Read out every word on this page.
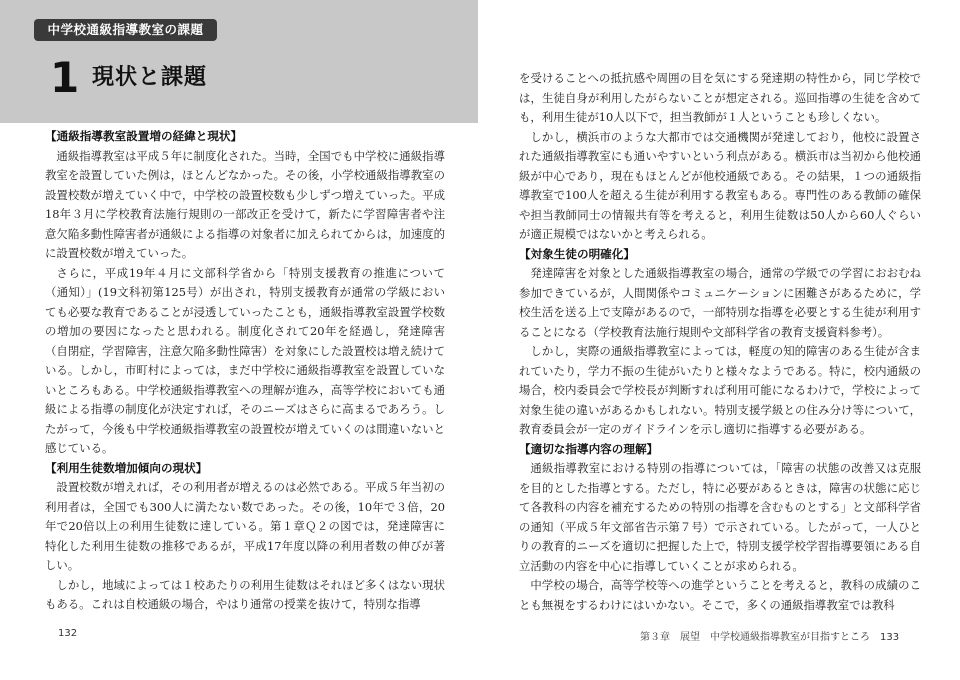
中学校通級指導教室の課題
1 現状と課題
【通級指導教室設置増の経緯と現状】

通級指導教室は平成５年に制度化された。当時，全国でも中学校に通級指導教室を設置していた例は，ほとんどなかった。その後，小学校通級指導教室の設置校数が増えていく中で，中学校の設置校数も少しずつ増えていった。平成18年３月に学校教育法施行規則の一部改正を受けて，新たに学習障害者や注意欠陥多動性障害者が通級による指導の対象者に加えられてからは，加速度的に設置校数が増えていった。

さらに，平成19年４月に文部科学省から「特別支援教育の推進について（通知）」(19文科初第125号）が出され，特別支援教育が通常の学級においても必要な教育であることが浸透していったことも，通級指導教室設置学校数の増加の要因になったと思われる。制度化されて20年を経過し，発達障害（自閉症，学習障害，注意欠陥多動性障害）を対象にした設置校は増え続けている。しかし，市町村によっては，まだ中学校に通級指導教室を設置していないところもある。中学校通級指導教室への理解が進み，高等学校においても通級による指導の制度化が決定すれば，そのニーズはさらに高まるであろう。したがって，今後も中学校通級指導教室の設置校が増えていくのは間違いないと感じている。

【利用生徒数増加傾向の現状】

設置校数が増えれば，その利用者が増えるのは必然である。平成５年当初の利用者は，全国でも300人に満たない数であった。その後，10年で３倍，20年で20倍以上の利用生徒数に達している。第１章Ｑ２の図では，発達障害に特化した利用生徒数の推移であるが，平成17年度以降の利用者数の伸びが著しい。

しかし，地域によっては１校あたりの利用生徒数はそれほど多くはない現状もある。これは自校通級の場合，やはり通常の授業を抜けて，特別な指導

を受けることへの抵抗感や周囲の目を気にする発達期の特性から，同じ学校では，生徒自身が利用したがらないことが想定される。巡回指導の生徒を含めても，利用生徒が10人以下で，担当教師が１人ということも珍しくない。

しかし，横浜市のような大都市では交通機関が発達しており，他校に設置された通級指導教室にも通いやすいという利点がある。横浜市は当初から他校通級が中心であり，現在もほとんどが他校通級である。その結果，１つの通級指導教室で100人を超える生徒が利用する教室もある。専門性のある教師の確保や担当教師同士の情報共有等を考えると，利用生徒数は50人から60人ぐらいが適正規模ではないかと考えられる。

【対象生徒の明確化】

発達障害を対象とした通級指導教室の場合，通常の学級での学習におおむね参加できているが，人間関係やコミュニケーションに困難さがあるために，学校生活を送る上で支障があるので，一部特別な指導を必要とする生徒が利用することになる（学校教育法施行規則や文部科学省の教育支援資料参考）。

しかし，実際の通級指導教室によっては，軽度の知的障害のある生徒が含まれていたり，学力不振の生徒がいたりと様々なようである。特に，校内通級の場合，校内委員会で学校長が判断すれば利用可能になるわけで，学校によって対象生徒の違いがあるかもしれない。特別支援学級との住み分け等について，教育委員会が一定のガイドラインを示し適切に指導する必要がある。

【適切な指導内容の理解】

通級指導教室における特別の指導については，「障害の状態の改善又は克服を目的とした指導とする。ただし，特に必要があるときは，障害の状態に応じて各教科の内容を補充するための特別の指導を含むものとする」と文部科学省の通知（平成５年文部省告示第７号）で示されている。したがって，一人ひとりの教育的ニーズを適切に把握した上で，特別支援学校学習指導要領にある自立活動の内容を中心に指導していくことが求められる。

中学校の場合，高等学校等への進学ということを考えると，教科の成績のことも無視をするわけにはいかない。そこで，多くの通級指導教室では教科

132	第３章　展望　中学校通級指導教室が目指すところ　133
